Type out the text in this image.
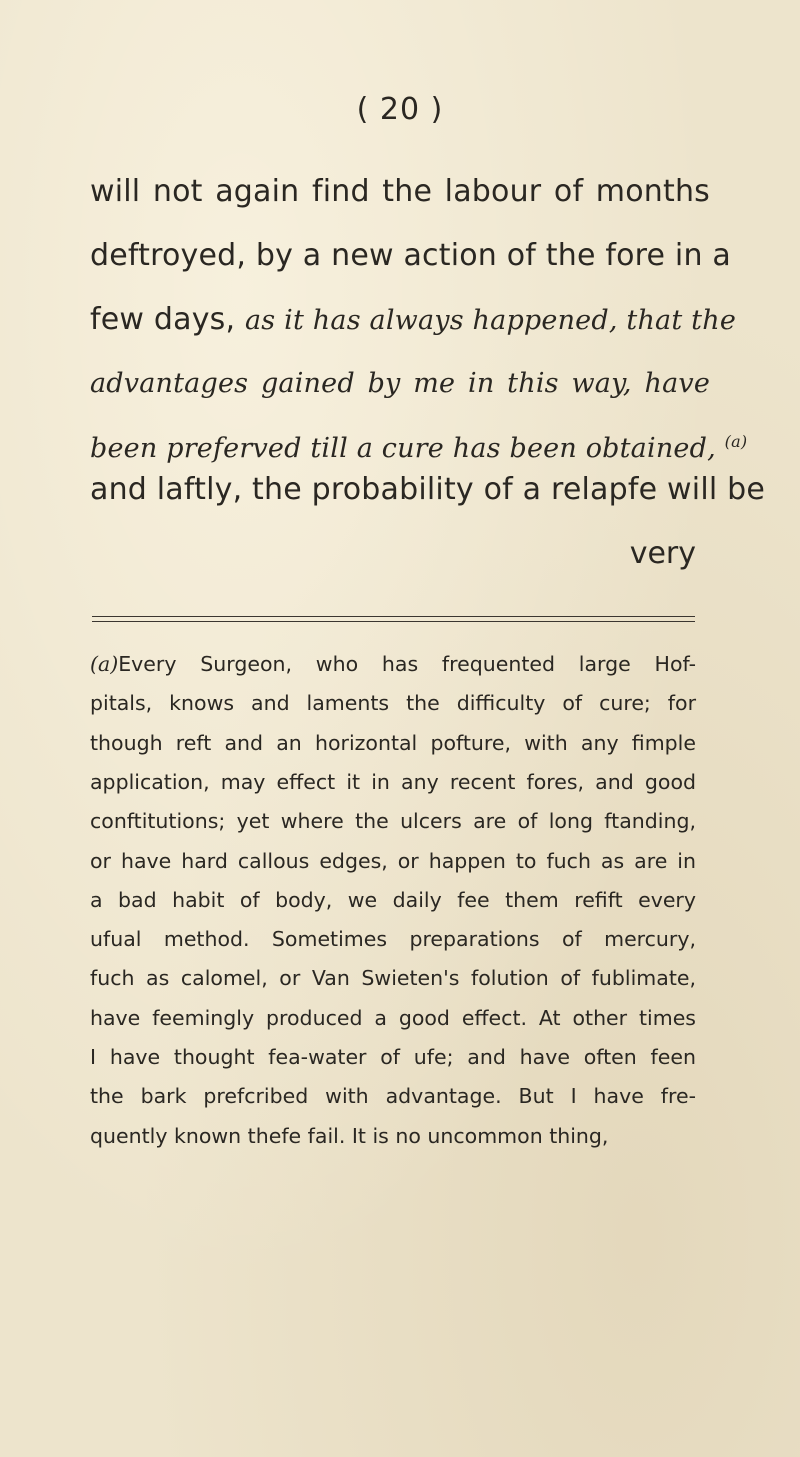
( 20 )
will not again find the labour of months
deftroyed, by a new action of the fore in a
few days, as it has always happened, that the
advantages gained by me in this way, have
been preferved till a cure has been obtained, $^{(a)}$
and laftly, the probability of a relapfe will be
very
(a)Every Surgeon, who has frequented large Hof-
pitals, knows and laments the difficulty of cure; for
though reft and an horizontal pofture, with any fimple
application, may effect it in any recent fores, and good
conftitutions; yet where the ulcers are of long ftanding,
or have hard callous edges, or happen to fuch as are in
a bad habit of body, we daily fee them refift every
ufual method. Sometimes preparations of mercury,
fuch as calomel, or Van Swieten's folution of fublimate,
have feemingly produced a good effect. At other times
I have thought fea-water of ufe; and have often feen
the bark prefcribed with advantage. But I have fre-
quently known thefe fail. It is no uncommon thing,
